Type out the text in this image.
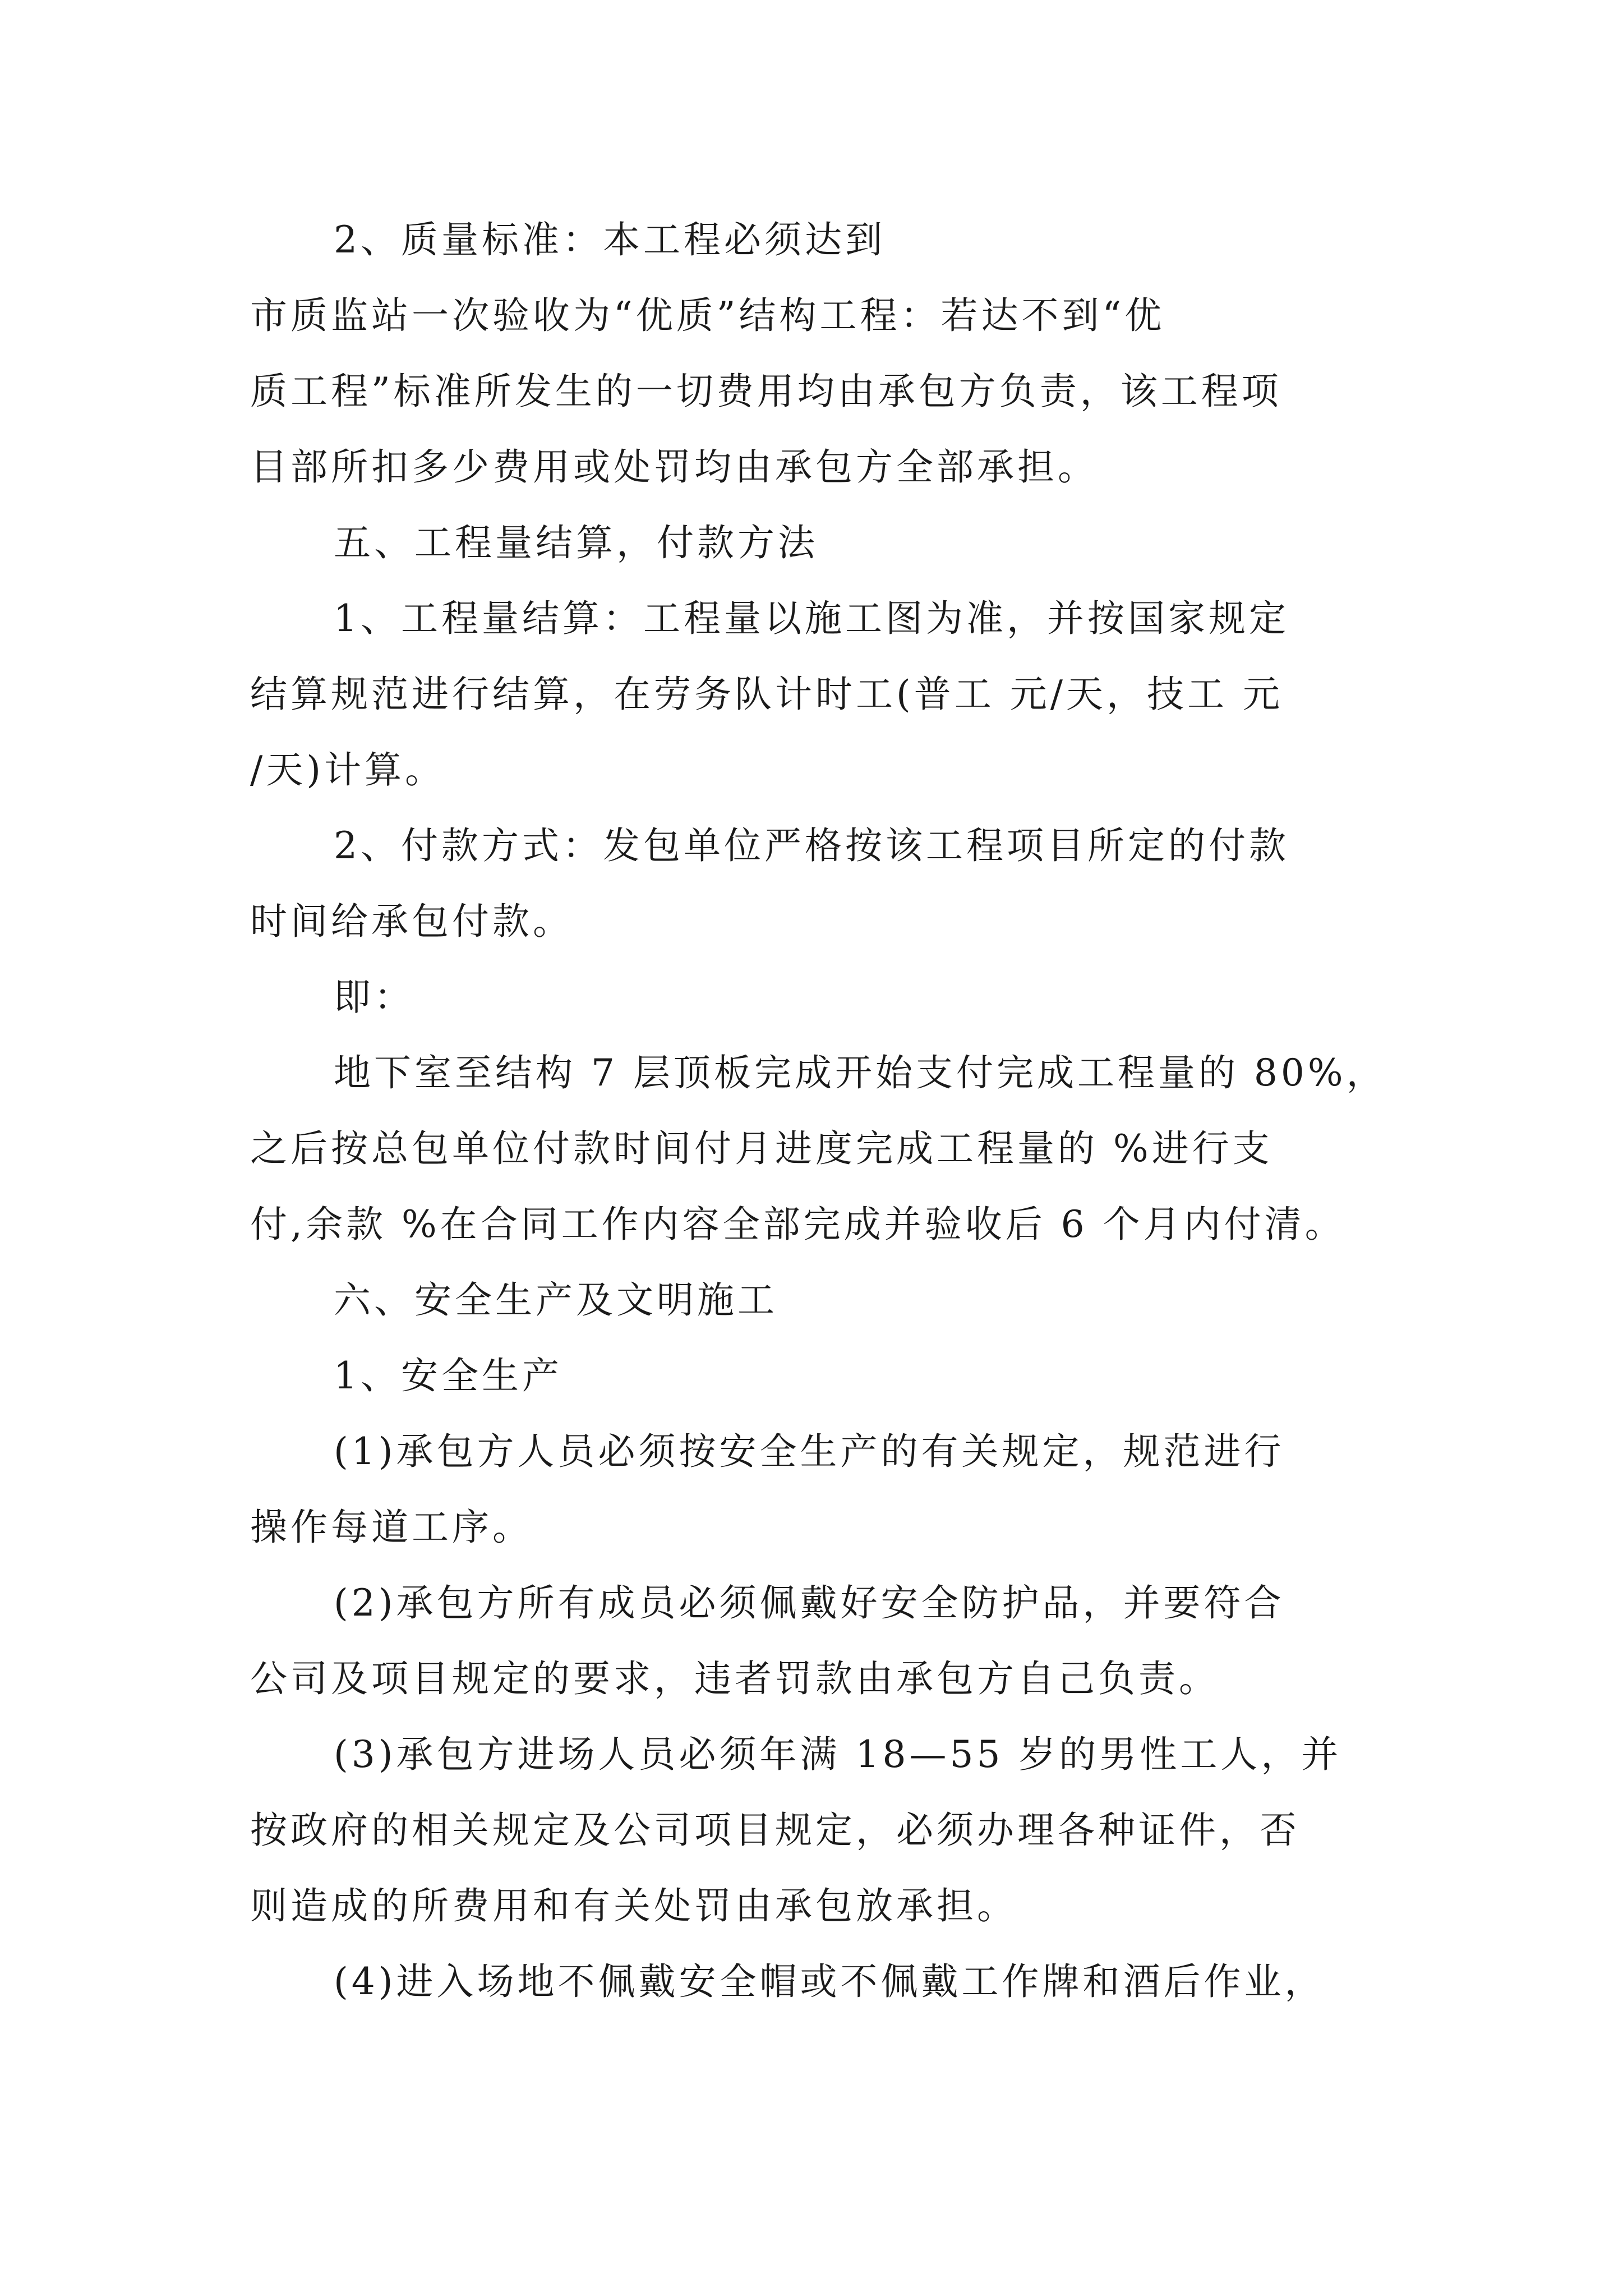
2、质量标准：本工程必须达到
市质监站一次验收为“优质”结构工程：若达不到“优
质工程”标准所发生的一切费用均由承包方负责，该工程项
目部所扣多少费用或处罚均由承包方全部承担。
五、工程量结算，付款方法
1、工程量结算：工程量以施工图为准，并按国家规定
结算规范进行结算，在劳务队计时工(普工 元/天，技工 元
/天)计算。
2、付款方式：发包单位严格按该工程项目所定的付款
时间给承包付款。
即：
地下室至结构 7 层顶板完成开始支付完成工程量的 80%，
之后按总包单位付款时间付月进度完成工程量的 %进行支
付,余款 %在合同工作内容全部完成并验收后 6 个月内付清。
六、安全生产及文明施工
1、安全生产
(1)承包方人员必须按安全生产的有关规定，规范进行
操作每道工序。
(2)承包方所有成员必须佩戴好安全防护品，并要符合
公司及项目规定的要求，违者罚款由承包方自己负责。
(3)承包方进场人员必须年满 18—55 岁的男性工人，并
按政府的相关规定及公司项目规定，必须办理各种证件，否
则造成的所费用和有关处罚由承包放承担。
(4)进入场地不佩戴安全帽或不佩戴工作牌和酒后作业，
